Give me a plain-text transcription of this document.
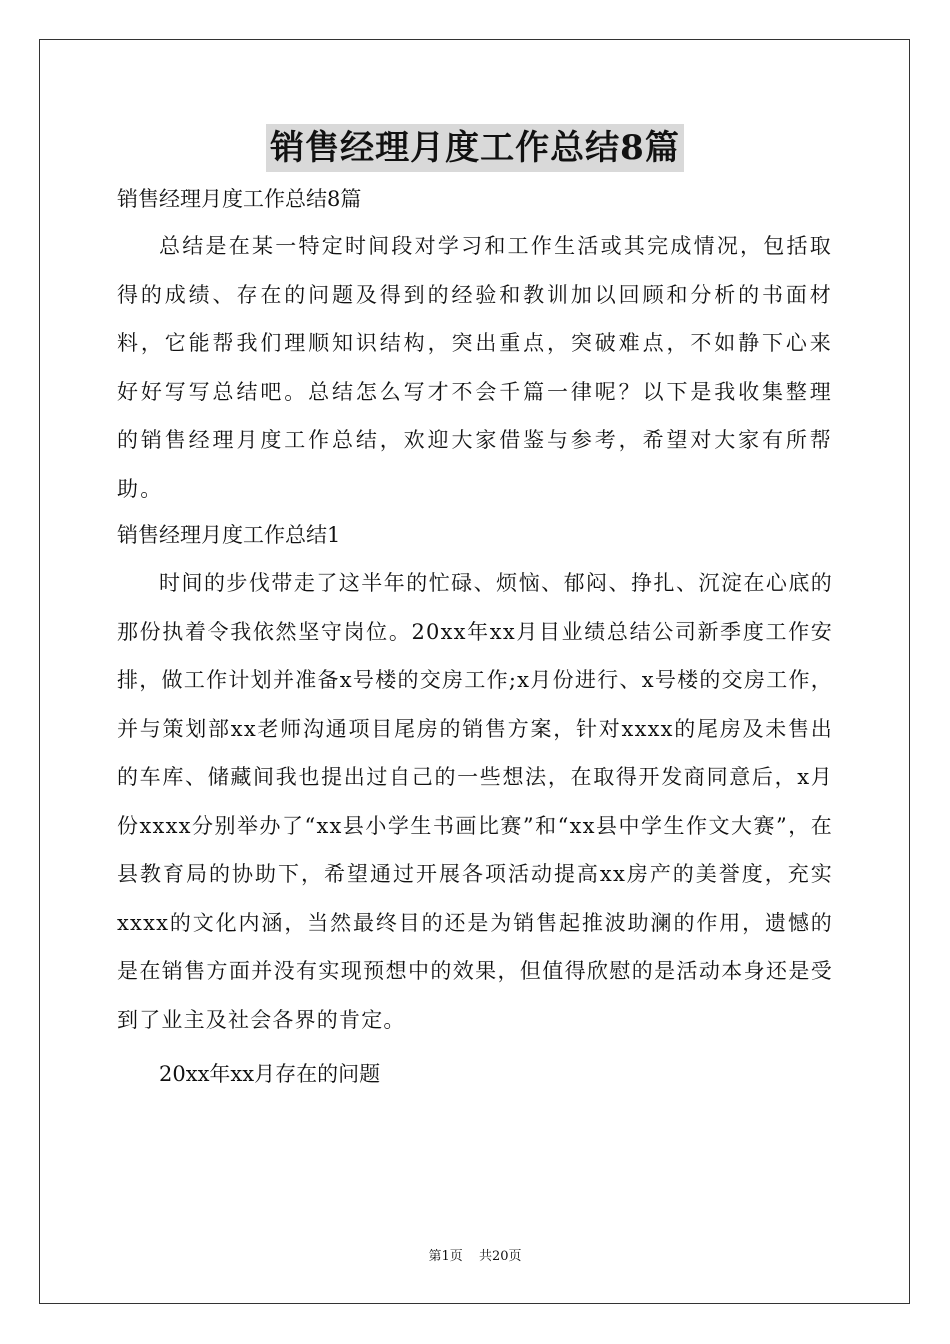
销售经理月度工作总结8篇

销售经理月度工作总结8篇

总结是在某一特定时间段对学习和工作生活或其完成情况，包括取得的成绩、存在的问题及得到的经验和教训加以回顾和分析的书面材料，它能帮我们理顺知识结构，突出重点，突破难点，不如静下心来好好写写总结吧。总结怎么写才不会千篇一律呢？以下是我收集整理的销售经理月度工作总结，欢迎大家借鉴与参考，希望对大家有所帮助。

销售经理月度工作总结1

时间的步伐带走了这半年的忙碌、烦恼、郁闷、挣扎、沉淀在心底的那份执着令我依然坚守岗位。20xx年xx月目业绩总结公司新季度工作安排，做工作计划并准备x号楼的交房工作;x月份进行、x号楼的交房工作，并与策划部xx老师沟通项目尾房的销售方案，针对xxxx的尾房及未售出的车库、储藏间我也提出过自己的一些想法，在取得开发商同意后，x月份xxxx分别举办了“xx县小学生书画比赛”和“xx县中学生作文大赛”，在县教育局的协助下，希望通过开展各项活动提高xx房产的美誉度，充实xxxx的文化内涵，当然最终目的还是为销售起推波助澜的作用，遗憾的是在销售方面并没有实现预想中的效果，但值得欣慰的是活动本身还是受到了业主及社会各界的肯定。

20xx年xx月存在的问题

第1页 共20页
